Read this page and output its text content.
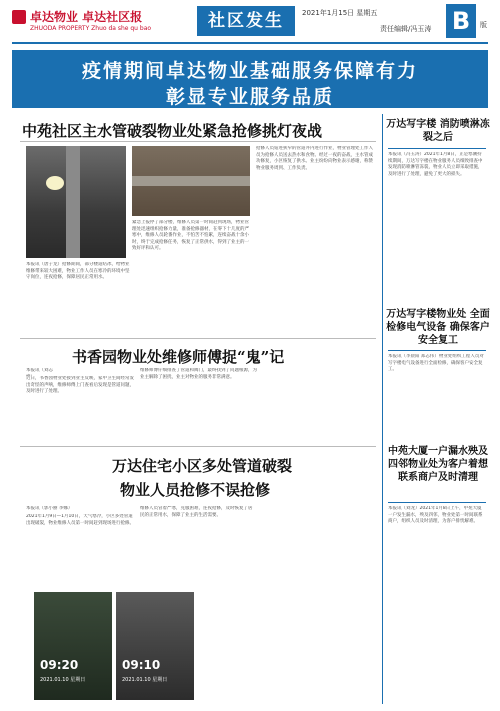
卓达物业 卓达社区报
ZHUODA PROPERTY Zhuo da she qu bao	社区发生	2021年1月15日 星期五
责任编辑/冯玉涛 B	版
疫情期间卓达物业基础服务保障有力
彰显专业服务品质
中苑社区主水管破裂物业处紧急抢修挑灯夜战
本报讯（唐子龙）抢修期间，部分楼道结冰，给物业维修带来较大困难，物业工作人员在寒冷的环境中坚守岗位，连夜抢修，保障居民正常用水。
紧急上报停了部分楼，维修人员第一时间赶到现场，物业管理处迅速组织抢修力量，准备抢修器材，在零下十几度的严寒中，维修人员轮番作业，不怕苦不怕累，连续奋战十余小时，终于完成抢修任务，恢复了正常供水，得到了业主的一致好评和认可。
抢修人员钻进狭窄的管道井内进行作业，物业管理处工作人员为抢修人员送去热水和食物。经过一夜的奋战，主水管成功修复，小区恢复了供水。业主纷纷向物业表示感谢，称赞物业服务周到、工作负责。
书香园物业处维修师傅捉“鬼”记
本报讯（刘志
近日，书香园物业处接到业主反映，家中卫生间经常发出奇怪的声响，维修师傅上门查看后发现是管道问题，及时进行了处理。
维修师傅仔细排查了管道和阀门，最终找到了问题根源，为业主解除了困扰，业主对物业的服务非常满意。
万达住宅小区多处管道破裂
物业人员抢修不误抢修
本报讯（郭小丽 李娜）
2021年1月9日—1月10日，天气寒冷，小区多处管道出现破裂，物业维修人员第一时间赶到现场进行抢修。
维修人员冒着严寒，克服困难，连夜抢修，及时恢复了居民的正常用水，保障了业主的生活需要。
09:20
2021.01.10 星期日
09:10
2021.01.10 星期日
万达写字楼 消防喷淋冻裂之后
本报讯（冯玉涛）2021年1月8日，正是寒潮持续期间，万达写字楼在物业服务人员细致排查中发现消防喷淋管冻裂，物业人员立即采取措施，及时进行了处理，避免了更大的损失。
万达写字楼物业处 全面检修电气设备 确保客户安全复工
本报讯（李晨阳 郑志伟）物业处组织工程人员对写字楼电气设备进行全面检修，确保客户安全复工。
中苑大厦一户漏水殃及四邻物业处为客户着想联系商户及时清理
本报讯（刘龙）2021年1月8日上午，中苑大厦一户发生漏水，殃及四邻，物业处第一时间联系商户，组织人员及时清理，为客户排忧解难。
